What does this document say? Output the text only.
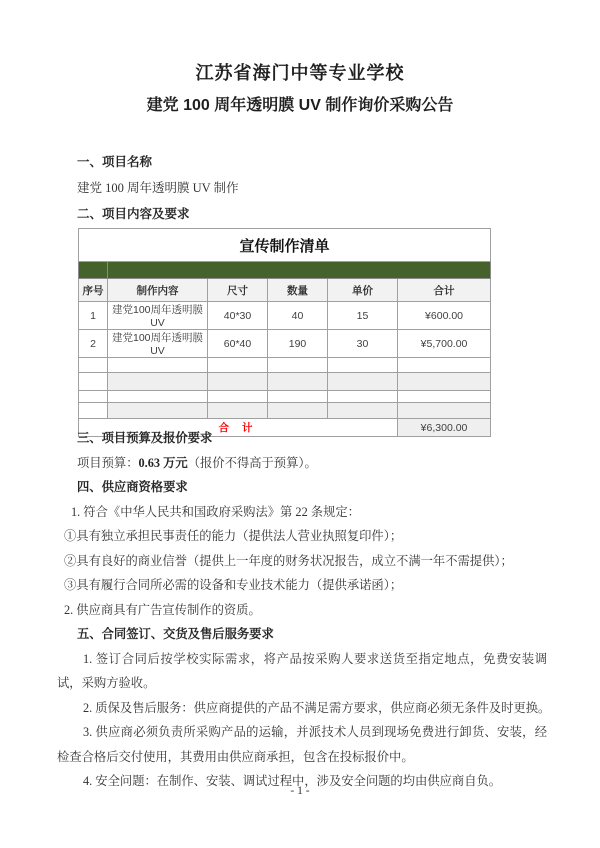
江苏省海门中等专业学校
建党 100 周年透明膜 UV 制作询价采购公告

一、项目名称

建党 100 周年透明膜 UV 制作

二、项目内容及要求

宣传制作清单					

序号	制作内容	尺寸	数量	单价	合计
1	建党100周年透明膜UV	40*30	40	15	¥600.00
2	建党100周年透明膜UV	60*40	190	30	¥5,700.00

合 计					¥6,300.00

三、项目预算及报价要求

项目预算：0.63 万元（报价不得高于预算）。

四、供应商资格要求

1. 符合《中华人民共和国政府采购法》第 22 条规定：

①具有独立承担民事责任的能力（提供法人营业执照复印件）；

②具有良好的商业信誉（提供上一年度的财务状况报告，成立不满一年不需提供）；

③具有履行合同所必需的设备和专业技术能力（提供承诺函）；

2. 供应商具有广告宣传制作的资质。

五、合同签订、交货及售后服务要求

1. 签订合同后按学校实际需求，将产品按采购人要求送货至指定地点，免费安装调试，采购方验收。

2. 质保及售后服务：供应商提供的产品不满足需方要求，供应商必须无条件及时更换。

3. 供应商必须负责所采购产品的运输，并派技术人员到现场免费进行卸货、安装，经检查合格后交付使用，其费用由供应商承担，包含在投标报价中。

4. 安全问题：在制作、安装、调试过程中，涉及安全问题的均由供应商自负。

- 1 -
